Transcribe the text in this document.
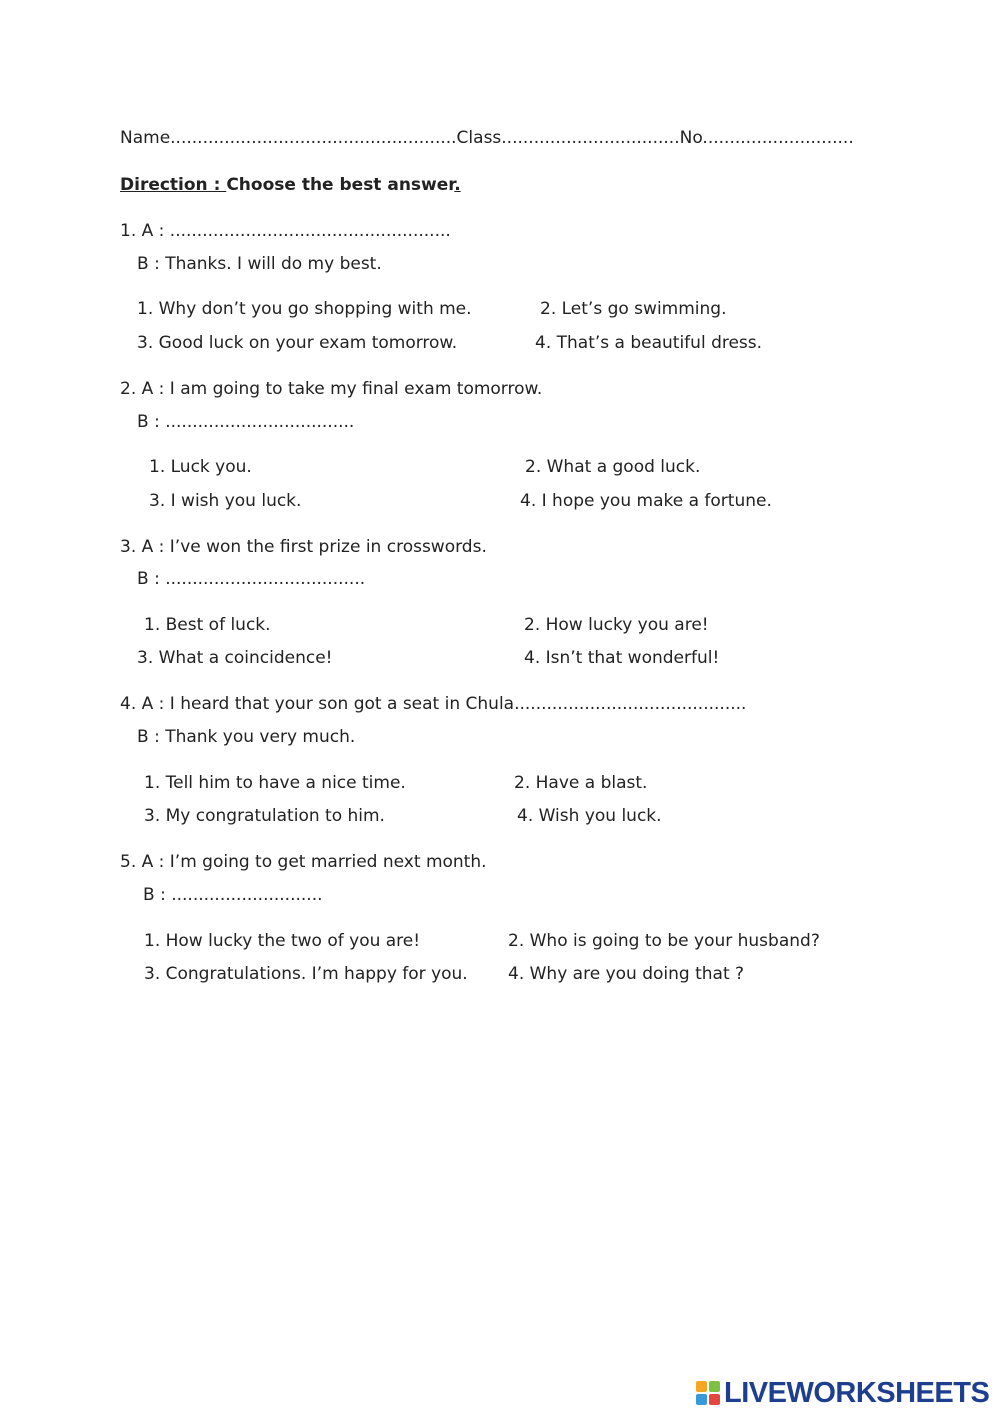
Name.....................................................Class.................................No............................
Direction : Choose the best answer.
1. A : ....................................................
B : Thanks. I will do my best.
1. Why don’t you go shopping with me.	2. Let’s go swimming.
3. Good luck on your exam tomorrow.	4. That’s a beautiful dress.
2. A : I am going to take my final exam tomorrow.
B : ...................................
1. Luck you.	2. What a good luck.
3. I wish you luck.	4. I hope you make a fortune.
3. A : I’ve won the first prize in crosswords.
B : .....................................
1. Best of luck.	2. How lucky you are!
3. What a coincidence!	4. Isn’t that wonderful!
4. A : I heard that your son got a seat in Chula...........................................
B : Thank you very much.
1. Tell him to have a nice time.	2. Have a blast.
3. My congratulation to him.	4. Wish you luck.
5. A : I’m going to get married next month.
B : ............................
1. How lucky the two of you are!	2. Who is going to be your husband?
3. Congratulations. I’m happy for you. 4. Why are you doing that ?
LIVEWORKSHEETS
